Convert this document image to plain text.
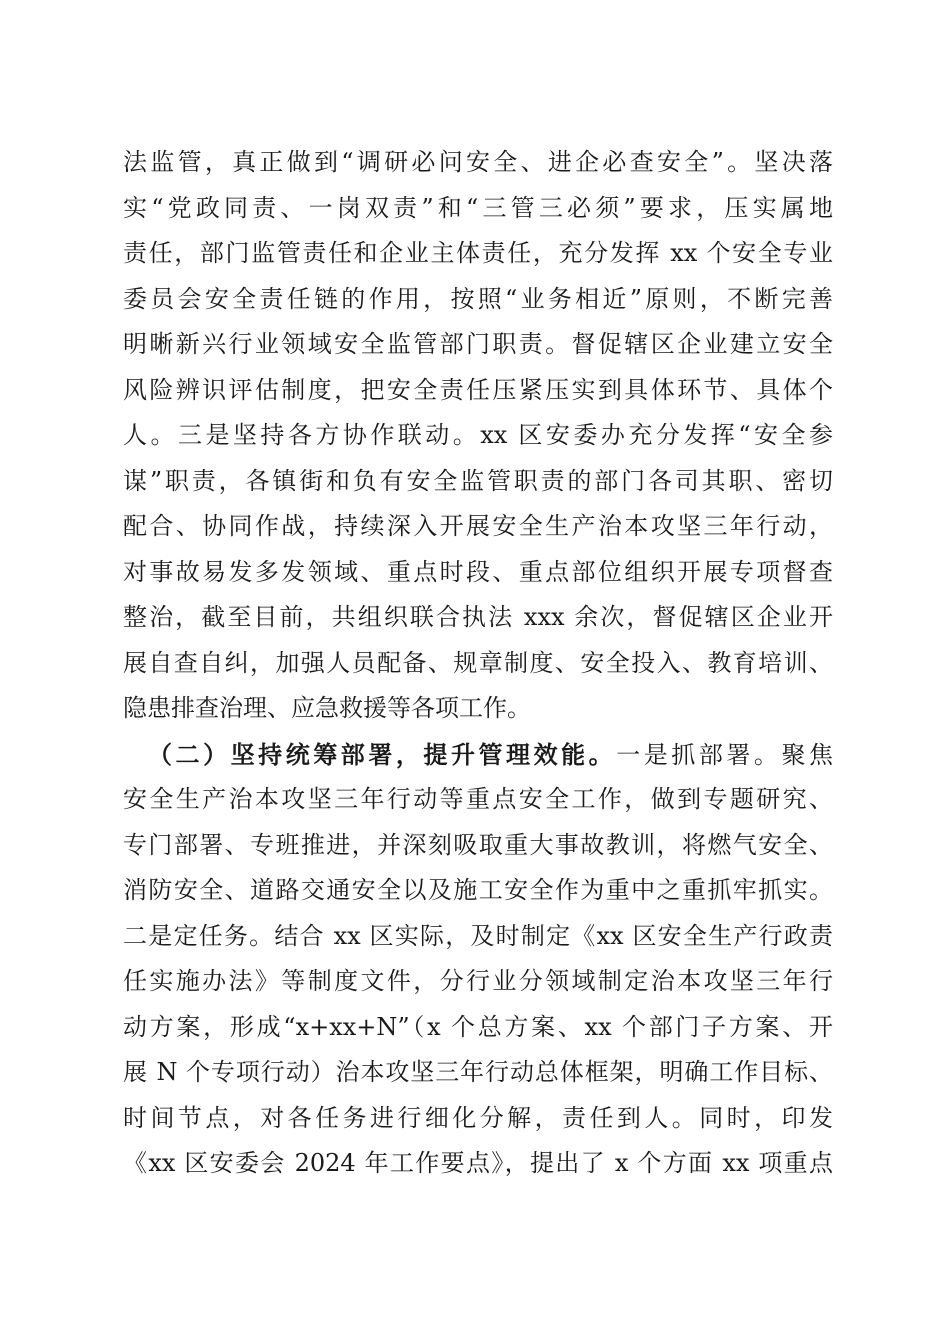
法监管，真正做到“调研必问安全、进企必查安全”。坚决落
实“党政同责、一岗双责”和“三管三必须”要求，压实属地
责任，部门监管责任和企业主体责任，充分发挥 xx 个安全专业
委员会安全责任链的作用，按照“业务相近”原则，不断完善
明晰新兴行业领域安全监管部门职责。督促辖区企业建立安全
风险辨识评估制度，把安全责任压紧压实到具体环节、具体个
人。三是坚持各方协作联动。xx 区安委办充分发挥“安全参
谋”职责，各镇街和负有安全监管职责的部门各司其职、密切
配合、协同作战，持续深入开展安全生产治本攻坚三年行动，
对事故易发多发领域、重点时段、重点部位组织开展专项督查
整治，截至目前，共组织联合执法 xxx 余次，督促辖区企业开
展自查自纠，加强人员配备、规章制度、安全投入、教育培训、
隐患排查治理、应急救援等各项工作。
（二）坚持统筹部署，提升管理效能。一是抓部署。聚焦
安全生产治本攻坚三年行动等重点安全工作，做到专题研究、
专门部署、专班推进，并深刻吸取重大事故教训，将燃气安全、
消防安全、道路交通安全以及施工安全作为重中之重抓牢抓实。
二是定任务。结合 xx 区实际，及时制定《xx 区安全生产行政责
任实施办法》等制度文件，分行业分领域制定治本攻坚三年行
动方案，形成“x+xx+N”（x 个总方案、xx 个部门子方案、开
展 N 个专项行动）治本攻坚三年行动总体框架，明确工作目标、
时间节点，对各任务进行细化分解，责任到人。同时，印发
《xx 区安委会 2024 年工作要点》，提出了 x 个方面 xx 项重点
